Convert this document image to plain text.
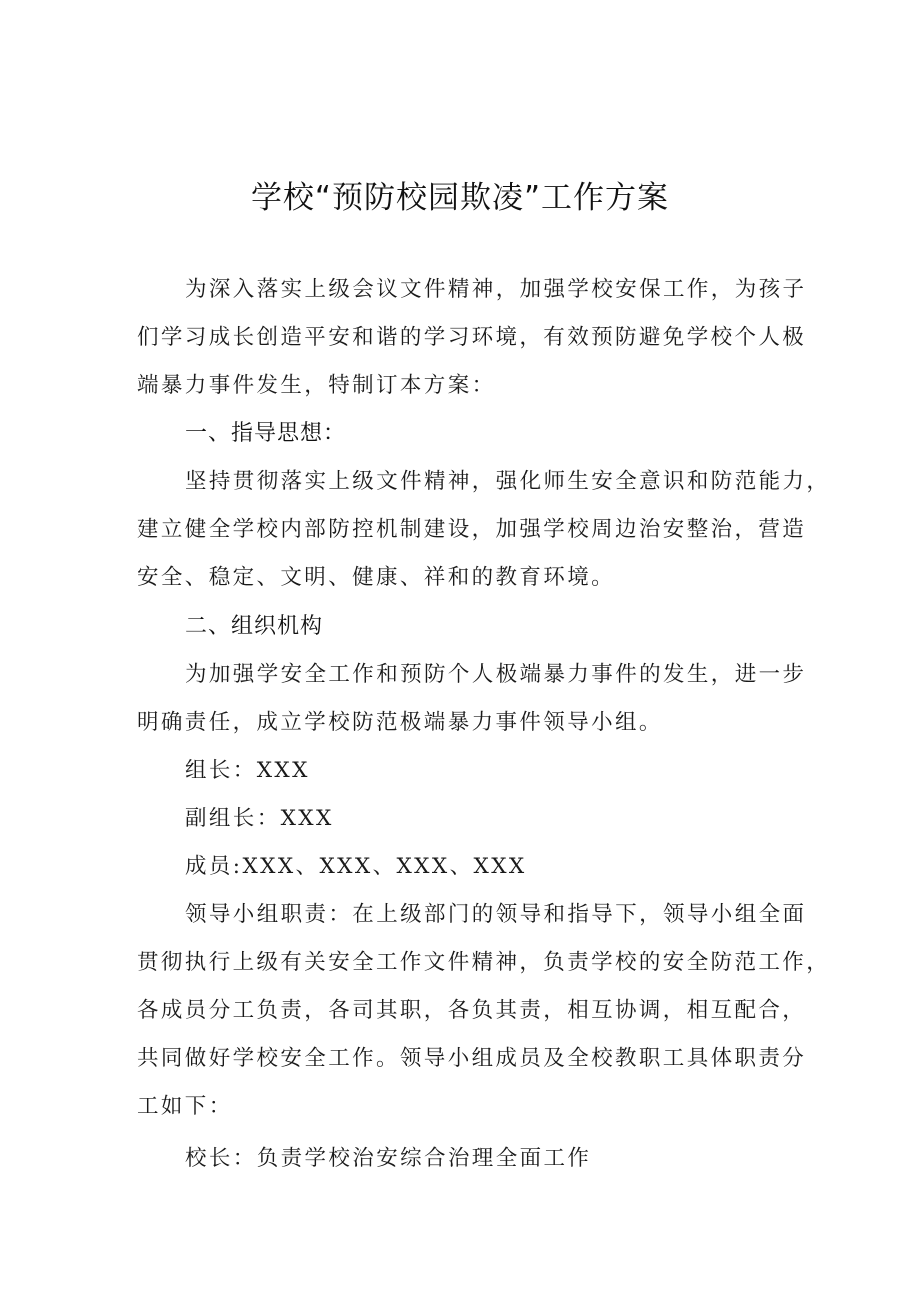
学校“预防校园欺凌”工作方案
为深入落实上级会议文件精神，加强学校安保工作，为孩子
们学习成长创造平安和谐的学习环境，有效预防避免学校个人极
端暴力事件发生，特制订本方案：
一、指导思想：
坚持贯彻落实上级文件精神，强化师生安全意识和防范能力，
建立健全学校内部防控机制建设，加强学校周边治安整治，营造
安全、稳定、文明、健康、祥和的教育环境。
二、组织机构
为加强学安全工作和预防个人极端暴力事件的发生，进一步
明确责任，成立学校防范极端暴力事件领导小组。
组长：XXX
副组长：XXX
成员:XXX、XXX、XXX、XXX
领导小组职责：在上级部门的领导和指导下，领导小组全面
贯彻执行上级有关安全工作文件精神，负责学校的安全防范工作，
各成员分工负责，各司其职，各负其责，相互协调，相互配合，
共同做好学校安全工作。领导小组成员及全校教职工具体职责分
工如下：
校长：负责学校治安综合治理全面工作
